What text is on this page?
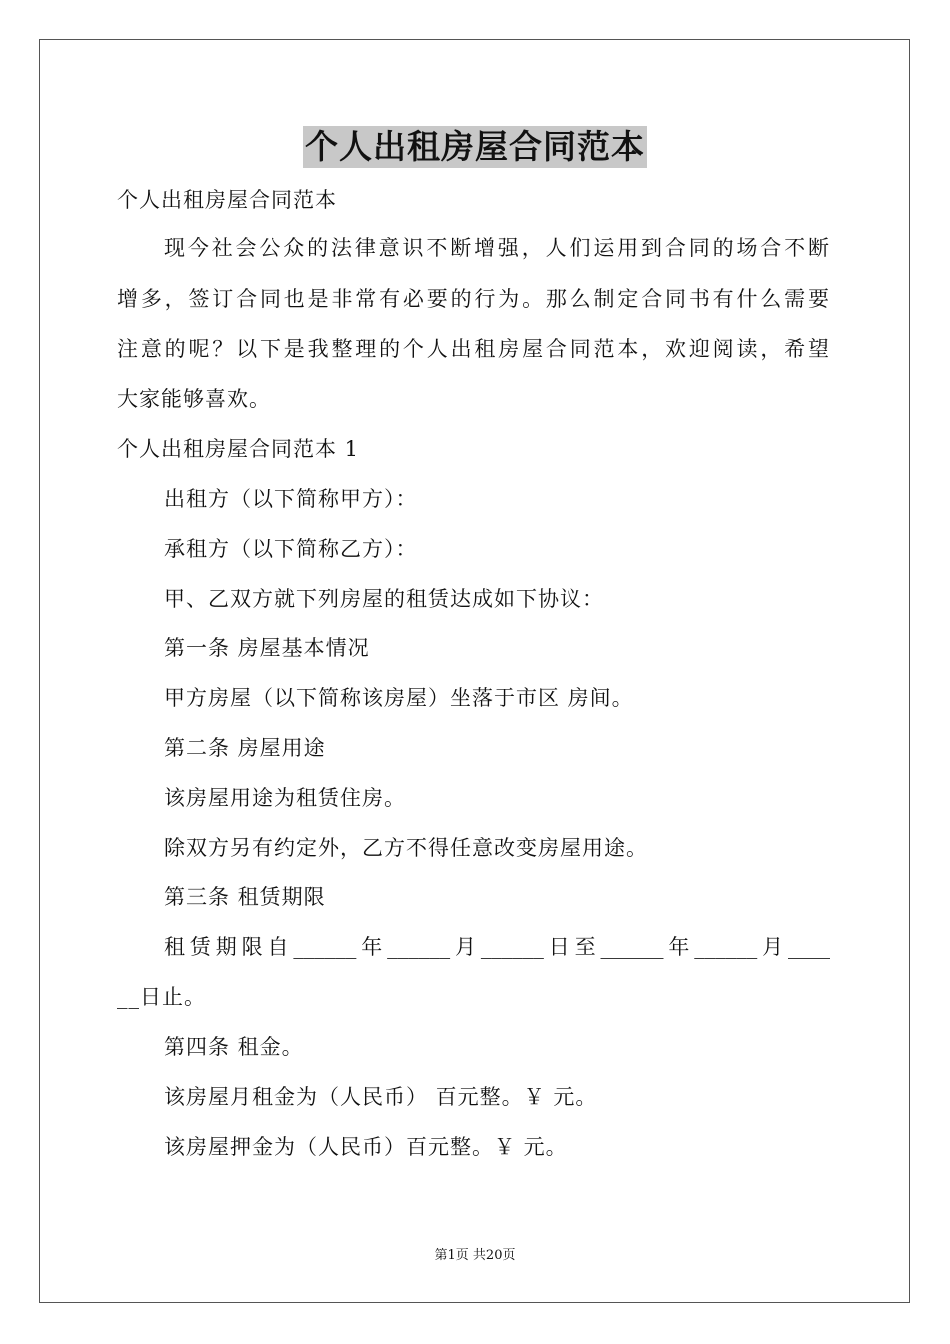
个人出租房屋合同范本
个人出租房屋合同范本
现今社会公众的法律意识不断增强，人们运用到合同的场合不断
增多，签订合同也是非常有必要的行为。那么制定合同书有什么需要
注意的呢？以下是我整理的个人出租房屋合同范本，欢迎阅读，希望
大家能够喜欢。
个人出租房屋合同范本 1
出租方（以下简称甲方）：
承租方（以下简称乙方）：
甲、乙双方就下列房屋的租赁达成如下协议：
第一条 房屋基本情况
甲方房屋（以下简称该房屋）坐落于市区 房间。
第二条 房屋用途
该房屋用途为租赁住房。
除双方另有约定外，乙方不得任意改变房屋用途。
第三条 租赁期限
租赁期限自______年______月______日至______年______月____
__日止。
第四条 租金。
该房屋月租金为（人民币） 百元整。￥ 元。
该房屋押金为（人民币）百元整。￥ 元。
第1页 共20页
